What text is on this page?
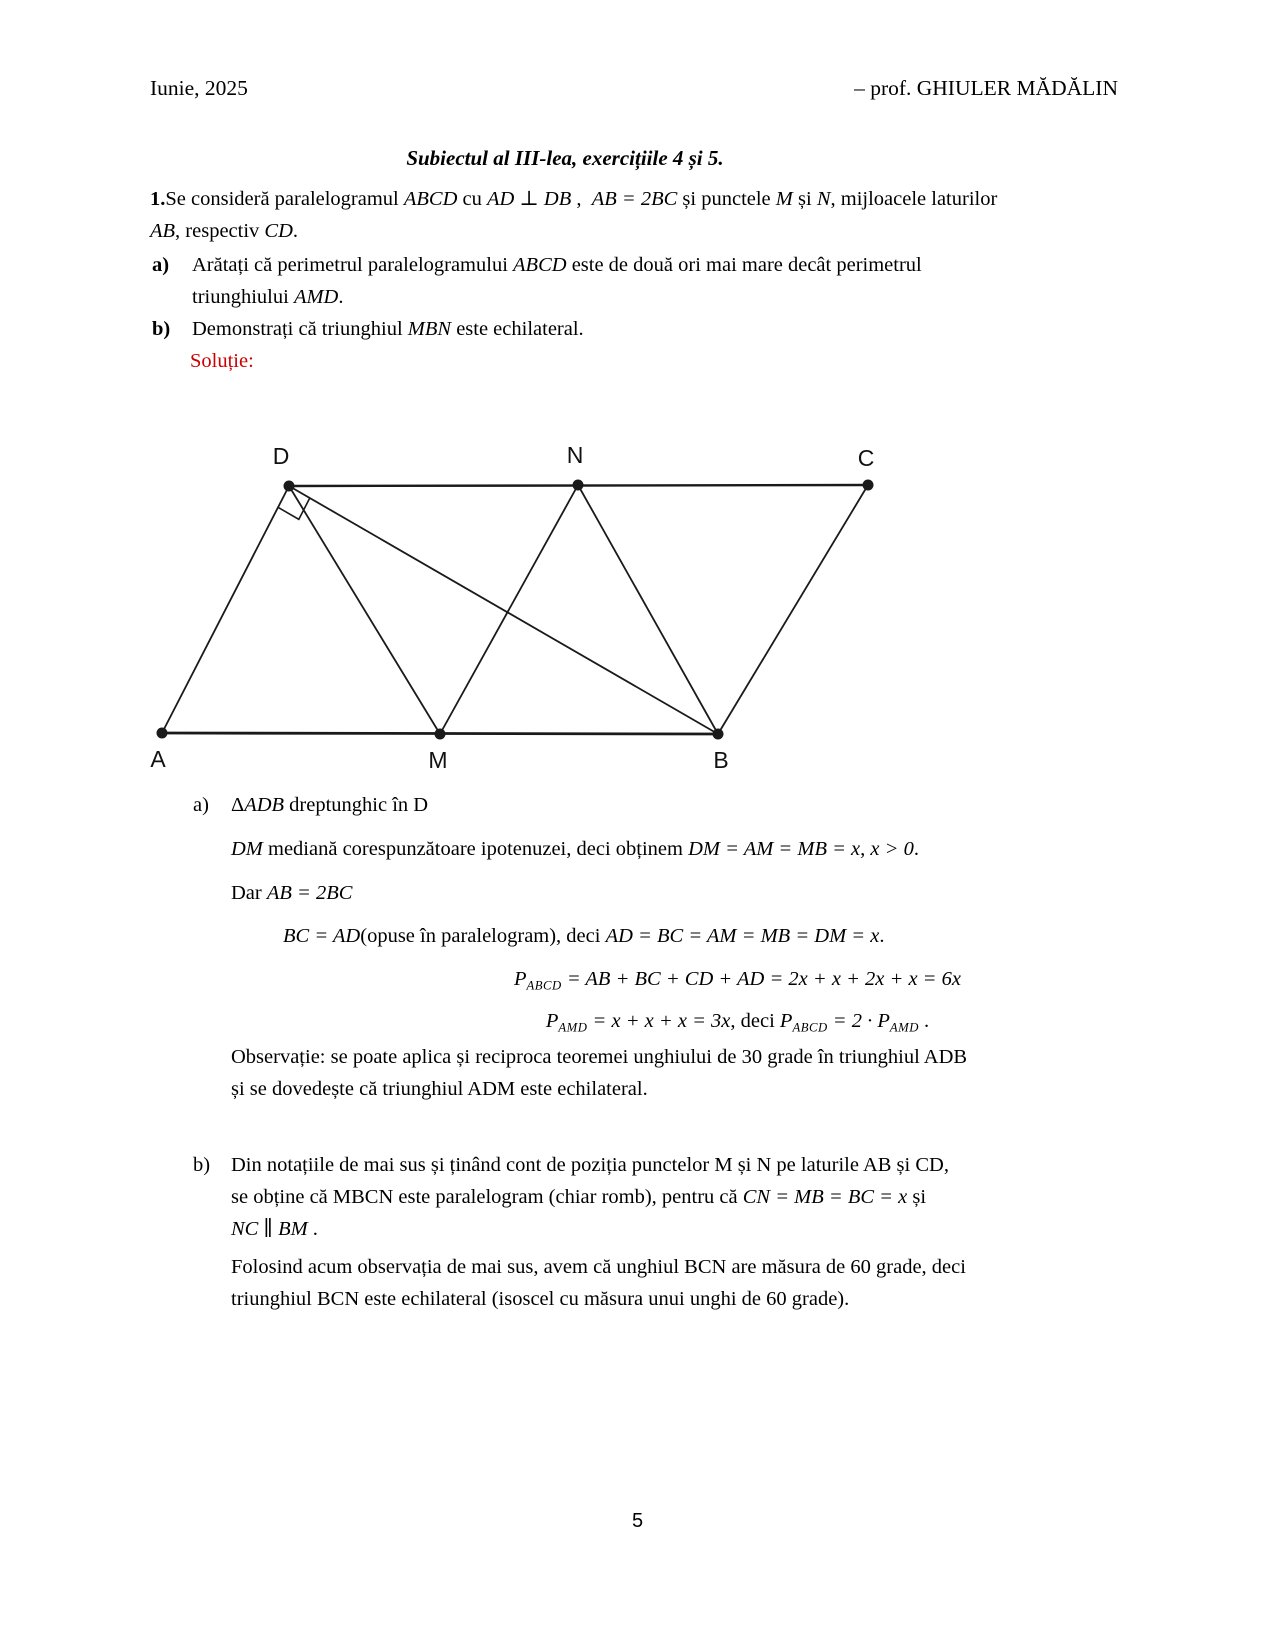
Iunie, 2025	– prof. GHIULER MĂDĂLIN
Subiectul al III-lea, exercițiile 4 și 5.
1.Se consideră paralelogramul ABCD cu AD ⊥ DB ,  AB = 2BC și punctele M și N, mijloacele laturilor
AB, respectiv CD.
a) Arătați că perimetrul paralelogramului ABCD este de două ori mai mare decât perimetrul
triunghiului AMD.
b) Demonstrați că triunghiul MBN este echilateral.
Soluție:
A	M	B
D	N	C
a) ΔADB dreptunghic în D
DM mediană corespunzătoare ipotenuzei, deci obținem DM = AM = MB = x, x > 0.
Dar AB = 2BC
BC = AD(opuse în paralelogram), deci AD = BC = AM = MB = DM = x.
$P_{ABCD}$ = AB + BC + CD + AD = 2x + x + 2x + x = 6x
$P_{AMD} = x + x + x = 3x$, deci $P_{ABCD} = 2 \cdot P_{AMD}$ .
Observație: se poate aplica și reciproca teoremei unghiului de 30 grade în triunghiul ADB
și se dovedește că triunghiul ADM este echilateral.
b) Din notațiile de mai sus și ținând cont de poziția punctelor M și N pe laturile AB și CD,
se obține că MBCN este paralelogram (chiar romb), pentru că CN = MB = BC = x și
NC ∥ BM .
Folosind acum observația de mai sus, avem că unghiul BCN are măsura de 60 grade, deci
triunghiul BCN este echilateral (isoscel cu măsura unui unghi de 60 grade).
5
